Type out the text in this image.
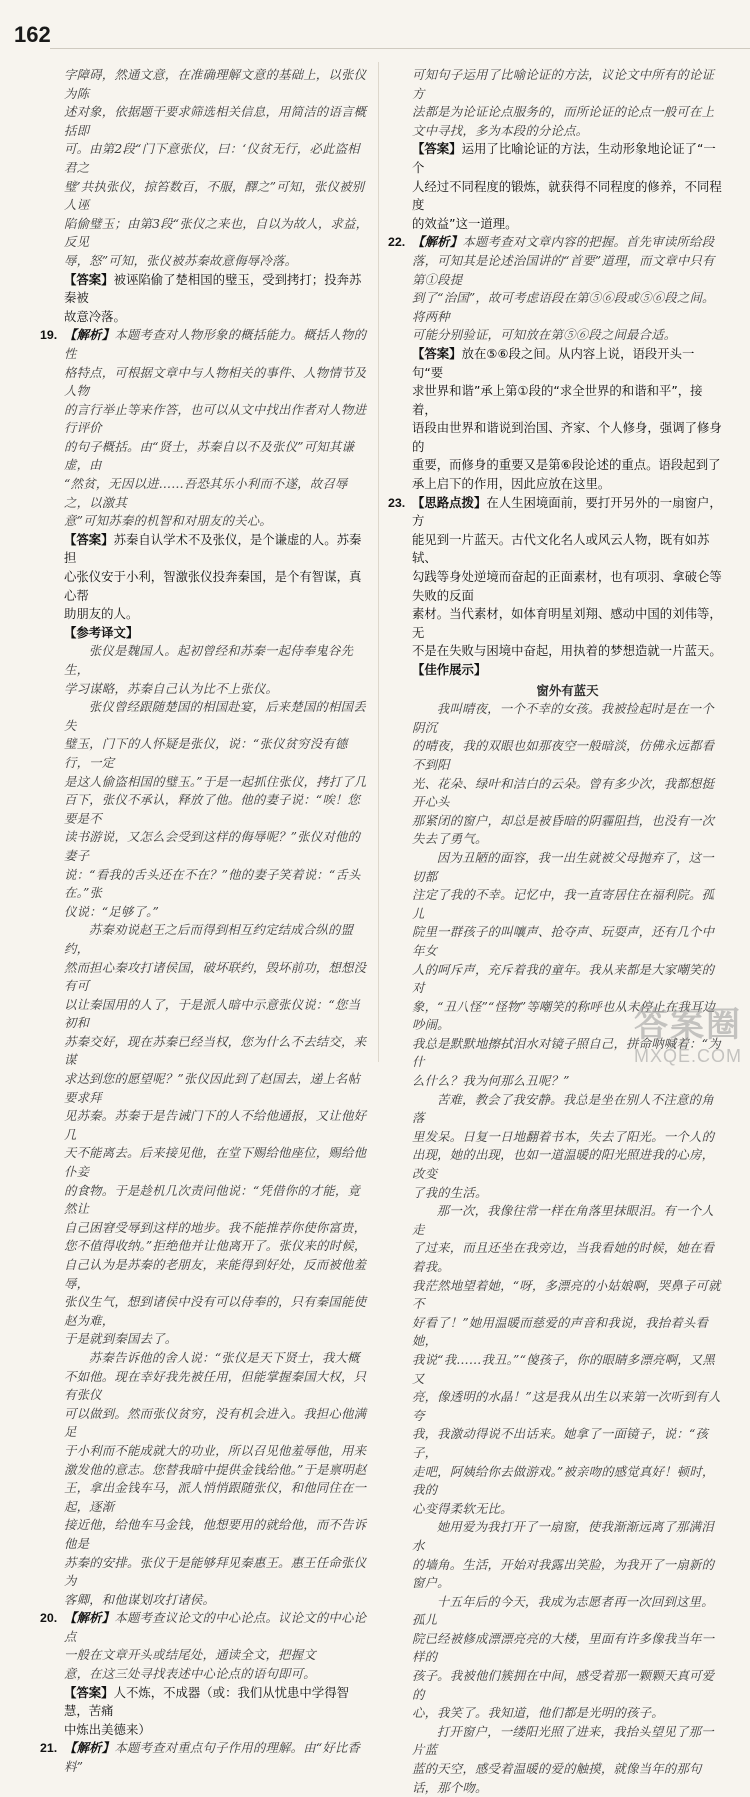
162

字障碍，然通文意，在准确理解文意的基础上，以张仪为陈

述对象，依据题干要求筛选相关信息，用简洁的语言概括即

可。由第2段“门下意张仪，曰：‘仪贫无行，必此盗相君之

璧’共执张仪，掠笞数百，不服，醳之”可知，张仪被别人诬

陷偷璧玉；由第3段“张仪之来也，自以为故人，求益，反见

辱，怒”可知，张仪被苏秦故意侮辱冷落。

【答案】被诬陷偷了楚相国的璧玉，受到拷打；投奔苏秦被

故意冷落。

19. 【解析】本题考查对人物形象的概括能力。概括人物的性

格特点，可根据文章中与人物相关的事件、人物情节及人物

的言行举止等来作答，也可以从文中找出作者对人物进行评价

的句子概括。由“贤士，苏秦自以不及张仪”可知其谦虚，由

“然贫，无因以进……吾恐其乐小利而不遂，故召辱之，以激其

意”可知苏秦的机智和对朋友的关心。

【答案】苏秦自认学术不及张仪，是个谦虚的人。苏秦担

心张仪安于小利，智激张仪投奔秦国，是个有智谋，真心帮

助朋友的人。

【参考译文】

张仪是魏国人。起初曾经和苏秦一起侍奉鬼谷先生，

学习谋略，苏秦自己认为比不上张仪。

张仪曾经跟随楚国的相国赴宴，后来楚国的相国丢失

璧玉，门下的人怀疑是张仪，说：“张仪贫穷没有德行，一定

是这人偷盗相国的璧玉。”于是一起抓住张仪，拷打了几

百下，张仪不承认，释放了他。他的妻子说：“唉！您要是不

读书游说，又怎么会受到这样的侮辱呢？”张仪对他的妻子

说：“看我的舌头还在不在？”他的妻子笑着说：“舌头在。”张

仪说：“足够了。”

苏秦劝说赵王之后而得到相互约定结成合纵的盟约，

然而担心秦攻打诸侯国，破坏联约，毁坏前功，想想没有可

以让秦国用的人了，于是派人暗中示意张仪说：“您当初和

苏秦交好，现在苏秦已经当权，您为什么不去结交，来谋

求达到您的愿望呢？”张仪因此到了赵国去，递上名帖要求拜

见苏秦。苏秦于是告诫门下的人不给他通报，又让他好几

天不能离去。后来接见他，在堂下赐给他座位，赐给他仆妾

的食物。于是趁机几次责问他说：“凭借你的才能，竟然让

自己困窘受辱到这样的地步。我不能推荐你使你富贵，

您不值得收纳。”拒绝他并让他离开了。张仪来的时候，

自己认为是苏秦的老朋友，来能得到好处，反而被他羞辱，

张仪生气，想到诸侯中没有可以侍奉的，只有秦国能使赵为难，

于是就到秦国去了。

苏秦告诉他的舍人说：“张仪是天下贤士，我大概

不如他。现在幸好我先被任用，但能掌握秦国大权，只有张仪

可以做到。然而张仪贫穷，没有机会进入。我担心他满足

于小利而不能成就大的功业，所以召见他羞辱他，用来

激发他的意志。您替我暗中提供金钱给他。”于是禀明赵

王，拿出金钱车马，派人悄悄跟随张仪，和他同住在一起，逐渐

接近他，给他车马金钱，他想要用的就给他，而不告诉他是

苏秦的安排。张仪于是能够拜见秦惠王。惠王任命张仪为

客卿，和他谋划攻打诸侯。

20. 【解析】本题考查议论文的中心论点。议论文的中心论点

一般在文章开头或结尾处，通读全文，把握文

意，在这三处寻找表述中心论点的语句即可。

【答案】人不炼，不成器（或：我们从忧患中学得智慧，苦痛

中炼出美德来）

21. 【解析】本题考查对重点句子作用的理解。由“好比香料”

可知句子运用了比喻论证的方法，议论文中所有的论证方

法都是为论证论点服务的，而所论证的论点一般可在上

文中寻找，多为本段的分论点。

【答案】运用了比喻论证的方法，生动形象地论证了“一个

人经过不同程度的锻炼，就获得不同程度的修养，不同程度

的效益”这一道理。

22. 【解析】本题考查对文章内容的把握。首先审读所给段

落，可知其是论述治国讲的“首要”道理，而文章中只有第①段提

到了“治国”，故可考虑语段在第⑤⑥段或⑤⑥段之间。将两种

可能分别验证，可知放在第⑤⑥段之间最合适。

【答案】放在⑤⑥段之间。从内容上说，语段开头一句“要

求世界和谐”承上第①段的“求全世界的和谐和平”，接着，

语段由世界和谐说到治国、齐家、个人修身，强调了修身的

重要，而修身的重要又是第⑥段论述的重点。语段起到了

承上启下的作用，因此应放在这里。

23. 【思路点拨】在人生困境面前，要打开另外的一扇窗户，方

能见到一片蓝天。古代文化名人或风云人物，既有如苏轼、

勾践等身处逆境而奋起的正面素材，也有项羽、拿破仑等失败的反面

素材。当代素材，如体育明星刘翔、感动中国的刘伟等，无

不是在失败与困境中奋起，用执着的梦想造就一片蓝天。

【佳作展示】

窗外有蓝天

我叫晴夜，一个不幸的女孩。我被捡起时是在一个阴沉

的晴夜，我的双眼也如那夜空一般暗淡，仿佛永远都看不到阳

光、花朵、绿叶和洁白的云朵。曾有多少次，我都想挺开心头

那紧闭的窗户，却总是被昏暗的阴霾阻挡，也没有一次失去了勇气。

因为丑陋的面容，我一出生就被父母抛弃了，这一切都

注定了我的不幸。记忆中，我一直寄居住在福利院。孤儿

院里一群孩子的叫嚷声、抢夺声、玩耍声，还有几个中年女

人的呵斥声，充斥着我的童年。我从来都是大家嘲笑的对

象，“丑八怪”“怪物”等嘲笑的称呼也从未停止在我耳边吵闹。

我总是默默地擦拭泪水对镜子照自己，拼命呐喊着：“为什

么什么？我为何那么丑呢？”

苦难，教会了我安静。我总是坐在别人不注意的角落

里发呆。日复一日地翻着书本，失去了阳光。一个人的

出现，她的出现，也如一道温暖的阳光照进我的心房，改变

了我的生活。

那一次，我像往常一样在角落里抹眼泪。有一个人走

了过来，而且还坐在我旁边，当我看她的时候，她在看着我。

我茫然地望着她，“呀，多漂亮的小姑娘啊，哭鼻子可就不

好看了！”她用温暖而慈爱的声音和我说，我抬着头看她，

我说“我……我丑。”“傻孩子，你的眼睛多漂亮啊，又黑又

亮，像透明的水晶！”这是我从出生以来第一次听到有人夸

我，我激动得说不出话来。她拿了一面镜子，说：“孩子，

走吧，阿姨给你去做游戏。”被亲吻的感觉真好！顿时，我的

心变得柔软无比。

她用爱为我打开了一扇窗，使我渐渐远离了那满泪水

的墙角。生活，开始对我露出笑脸，为我开了一扇新的窗户。

十五年后的今天，我成为志愿者再一次回到这里。孤儿

院已经被修成漂漂亮亮的大楼，里面有许多像我当年一样的

孩子。我被他们簇拥在中间，感受着那一颗颗天真可爱的

心，我笑了。我知道，他们都是光明的孩子。

打开窗户，一缕阳光照了进来，我抬头望见了那一片蓝

蓝的天空，感受着温暖的爱的触摸，就像当年的那句话，那个吻。

答案圈
MXQE.COM
